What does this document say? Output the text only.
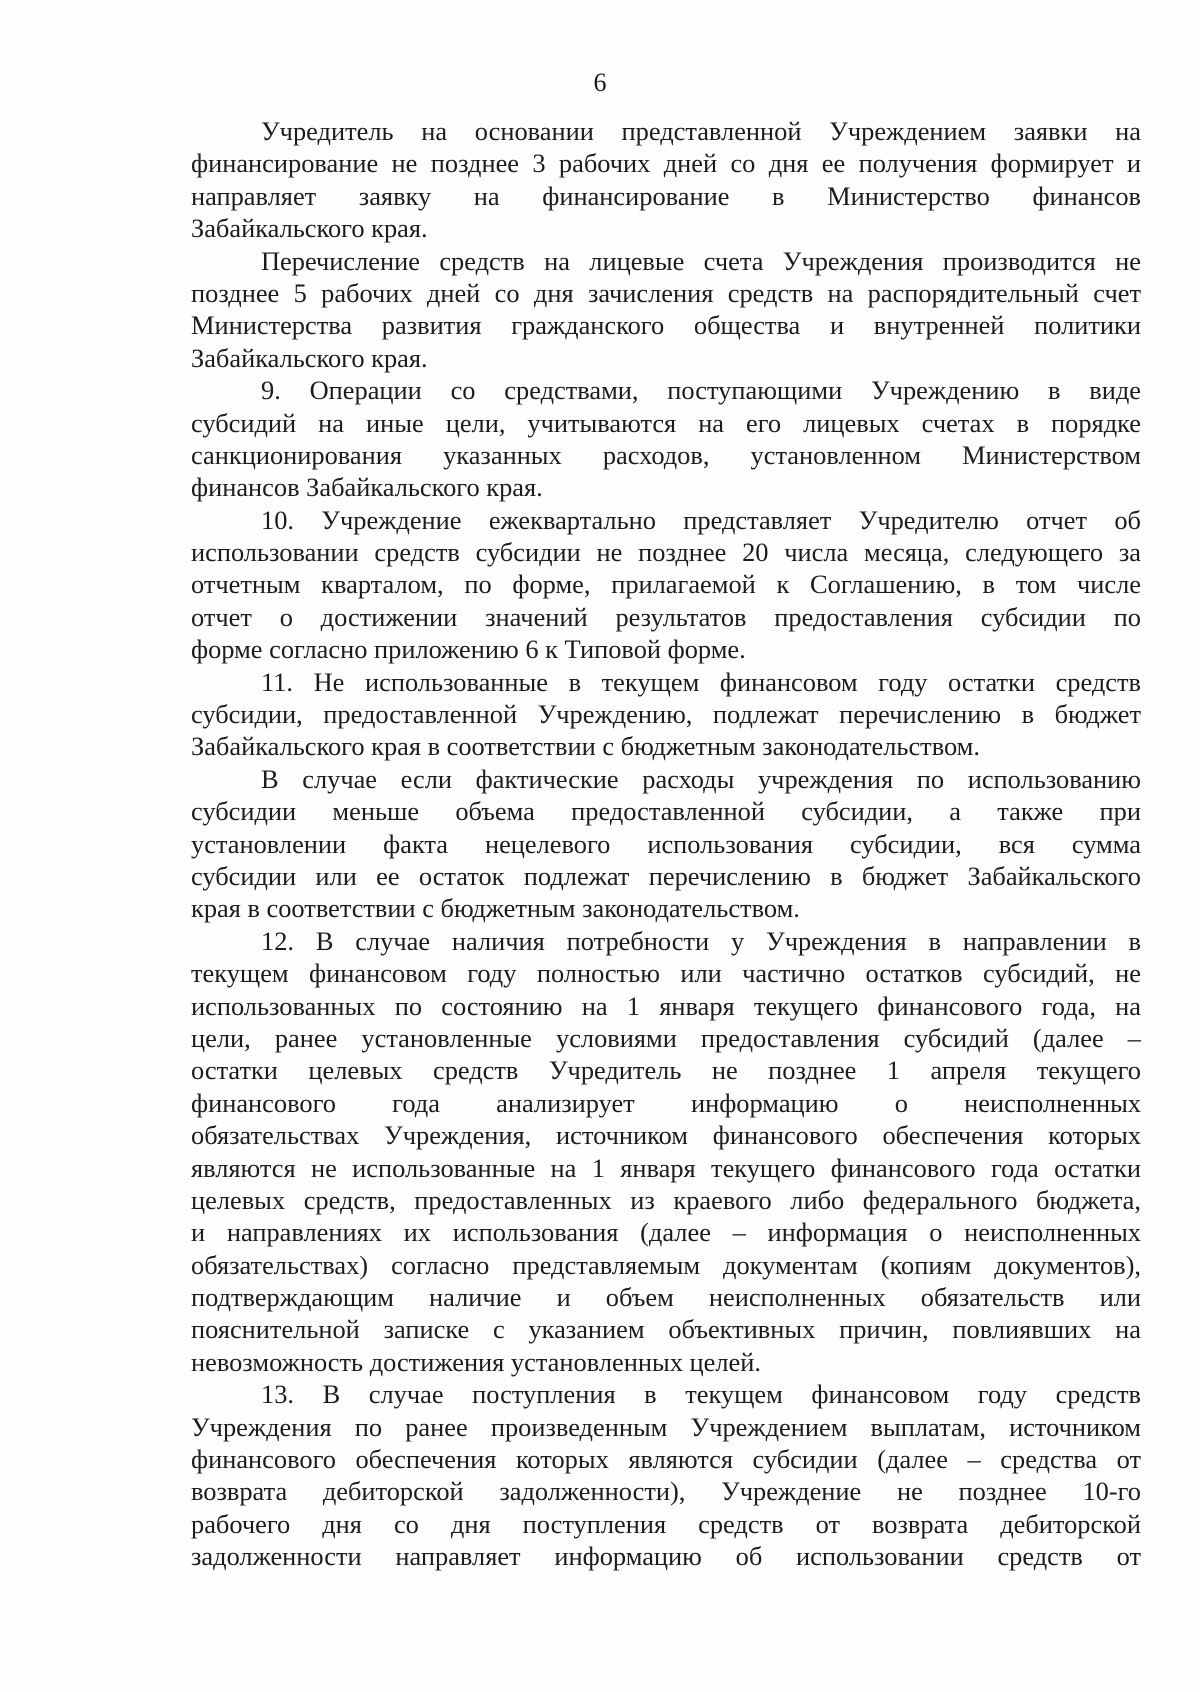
6
Учредитель на основании представленной Учреждением заявки на
финансирование не позднее 3 рабочих дней со дня ее получения формирует и
направляет заявку на финансирование в Министерство финансов
Забайкальского края.
Перечисление средств на лицевые счета Учреждения производится не
позднее 5 рабочих дней со дня зачисления средств на распорядительный счет
Министерства развития гражданского общества и внутренней политики
Забайкальского края.
9. Операции со средствами, поступающими Учреждению в виде
субсидий на иные цели, учитываются на его лицевых счетах в порядке
санкционирования указанных расходов, установленном Министерством
финансов Забайкальского края.
10. Учреждение ежеквартально представляет Учредителю отчет об
использовании средств субсидии не позднее 20 числа месяца, следующего за
отчетным кварталом, по форме, прилагаемой к Соглашению, в том числе
отчет о достижении значений результатов предоставления субсидии по
форме согласно приложению 6 к Типовой форме.
11. Не использованные в текущем финансовом году остатки средств
субсидии, предоставленной Учреждению, подлежат перечислению в бюджет
Забайкальского края в соответствии с бюджетным законодательством.
В случае если фактические расходы учреждения по использованию
субсидии меньше объема предоставленной субсидии, а также при
установлении факта нецелевого использования субсидии, вся сумма
субсидии или ее остаток подлежат перечислению в бюджет Забайкальского
края в соответствии с бюджетным законодательством.
12. В случае наличия потребности у Учреждения в направлении в
текущем финансовом году полностью или частично остатков субсидий, не
использованных по состоянию на 1 января текущего финансового года, на
цели, ранее установленные условиями предоставления субсидий (далее –
остатки целевых средств Учредитель не позднее 1 апреля текущего
финансового года анализирует информацию о неисполненных
обязательствах Учреждения, источником финансового обеспечения которых
являются не использованные на 1 января текущего финансового года остатки
целевых средств, предоставленных из краевого либо федерального бюджета,
и направлениях их использования (далее – информация о неисполненных
обязательствах) согласно представляемым документам (копиям документов),
подтверждающим наличие и объем неисполненных обязательств или
пояснительной записке с указанием объективных причин, повлиявших на
невозможность достижения установленных целей.
13. В случае поступления в текущем финансовом году средств
Учреждения по ранее произведенным Учреждением выплатам, источником
финансового обеспечения которых являются субсидии (далее – средства от
возврата дебиторской задолженности), Учреждение не позднее 10-го
рабочего дня со дня поступления средств от возврата дебиторской
задолженности направляет информацию об использовании средств от
